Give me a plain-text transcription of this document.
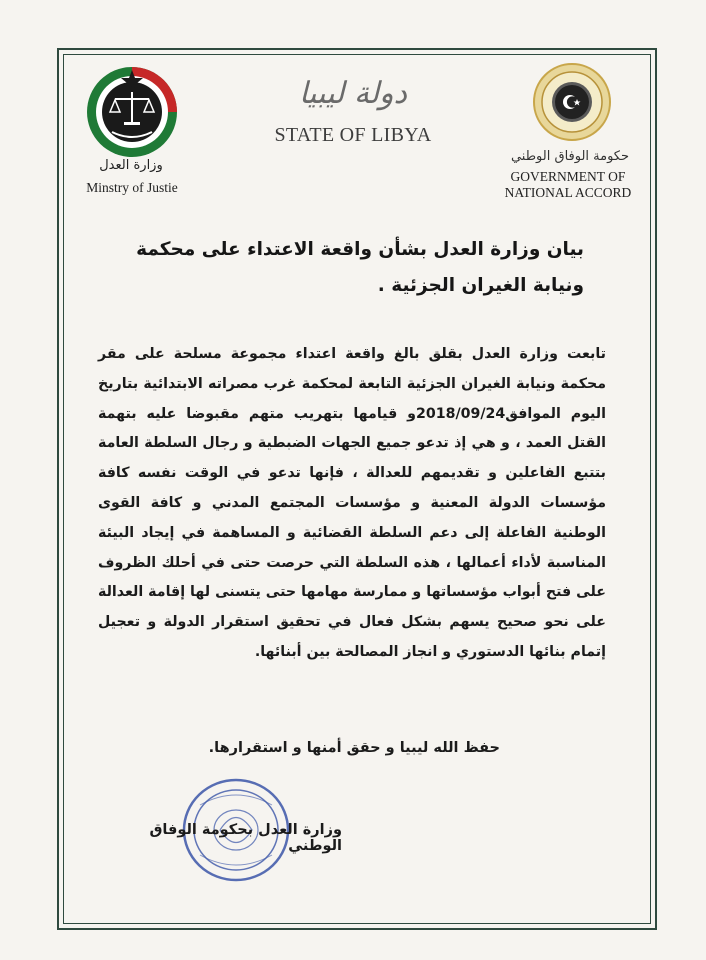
وزارة العدل
Minstry of Justie
دولة ليبيا
STATE OF LIBYA
حكومة الوفاق الوطني
GOVERNMENT OF
NATIONAL ACCORD
بيان وزارة العدل بشأن واقعة الاعتداء على محكمة ونيابة الغيران الجزئية .
تابعت وزارة العدل بقلق بالغ واقعة اعتداء مجموعة مسلحة على مقر محكمة ونيابة الغيران الجزئية التابعة لمحكمة غرب مصراته الابتدائية بتاريخ اليوم الموافق2018/09/24و قيامها بتهريب متهم مقبوضا عليه بتهمة القتل العمد ، و هي إذ تدعو جميع الجهات الضبطية و رجال السلطة العامة بتتبع الفاعلين و تقديمهم للعدالة ، فإنها تدعو في الوقت نفسه كافة مؤسسات الدولة المعنية و مؤسسات المجتمع المدني و كافة القوى الوطنية الفاعلة إلى دعم السلطة القضائية و المساهمة في إيجاد البيئة المناسبة لأداء أعمالها ، هذه السلطة التي حرصت حتى في أحلك الظروف على فتح أبواب مؤسساتها و ممارسة مهامها حتى يتسنى لها إقامة العدالة على نحو صحيح يسهم بشكل فعال في تحقيق استقرار الدولة و تعجيل إتمام بنائها الدستوري و انجاز المصالحة بين أبنائها.
حفظ الله ليبيا و حقق أمنها و استقرارها.
وزارة العدل بحكومة الوفاق الوطني
